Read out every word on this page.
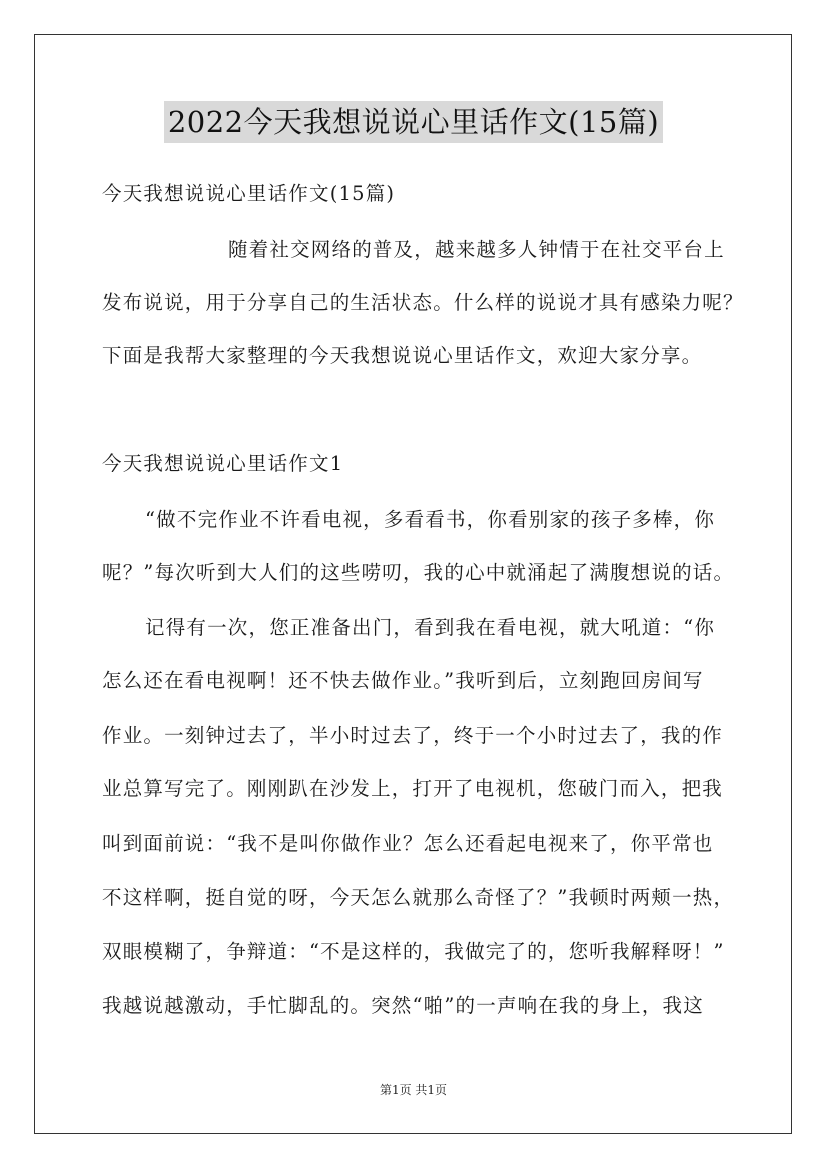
2022今天我想说说心里话作文(15篇)
今天我想说说心里话作文(15篇)
随着社交网络的普及，越来越多人钟情于在社交平台上
发布说说，用于分享自己的生活状态。什么样的说说才具有感染力呢？
下面是我帮大家整理的今天我想说说心里话作文，欢迎大家分享。
今天我想说说心里话作文1
“做不完作业不许看电视，多看看书，你看别家的孩子多棒，你
呢？”每次听到大人们的这些唠叨，我的心中就涌起了满腹想说的话。
记得有一次，您正准备出门，看到我在看电视，就大吼道：“你
怎么还在看电视啊！还不快去做作业。”我听到后，立刻跑回房间写
作业。一刻钟过去了，半小时过去了，终于一个小时过去了，我的作
业总算写完了。刚刚趴在沙发上，打开了电视机，您破门而入，把我
叫到面前说：“我不是叫你做作业？怎么还看起电视来了，你平常也
不这样啊，挺自觉的呀，今天怎么就那么奇怪了？”我顿时两颊一热，
双眼模糊了，争辩道：“不是这样的，我做完了的，您听我解释呀！”
我越说越激动，手忙脚乱的。突然“啪”的一声响在我的身上，我这
第1页 共1页
